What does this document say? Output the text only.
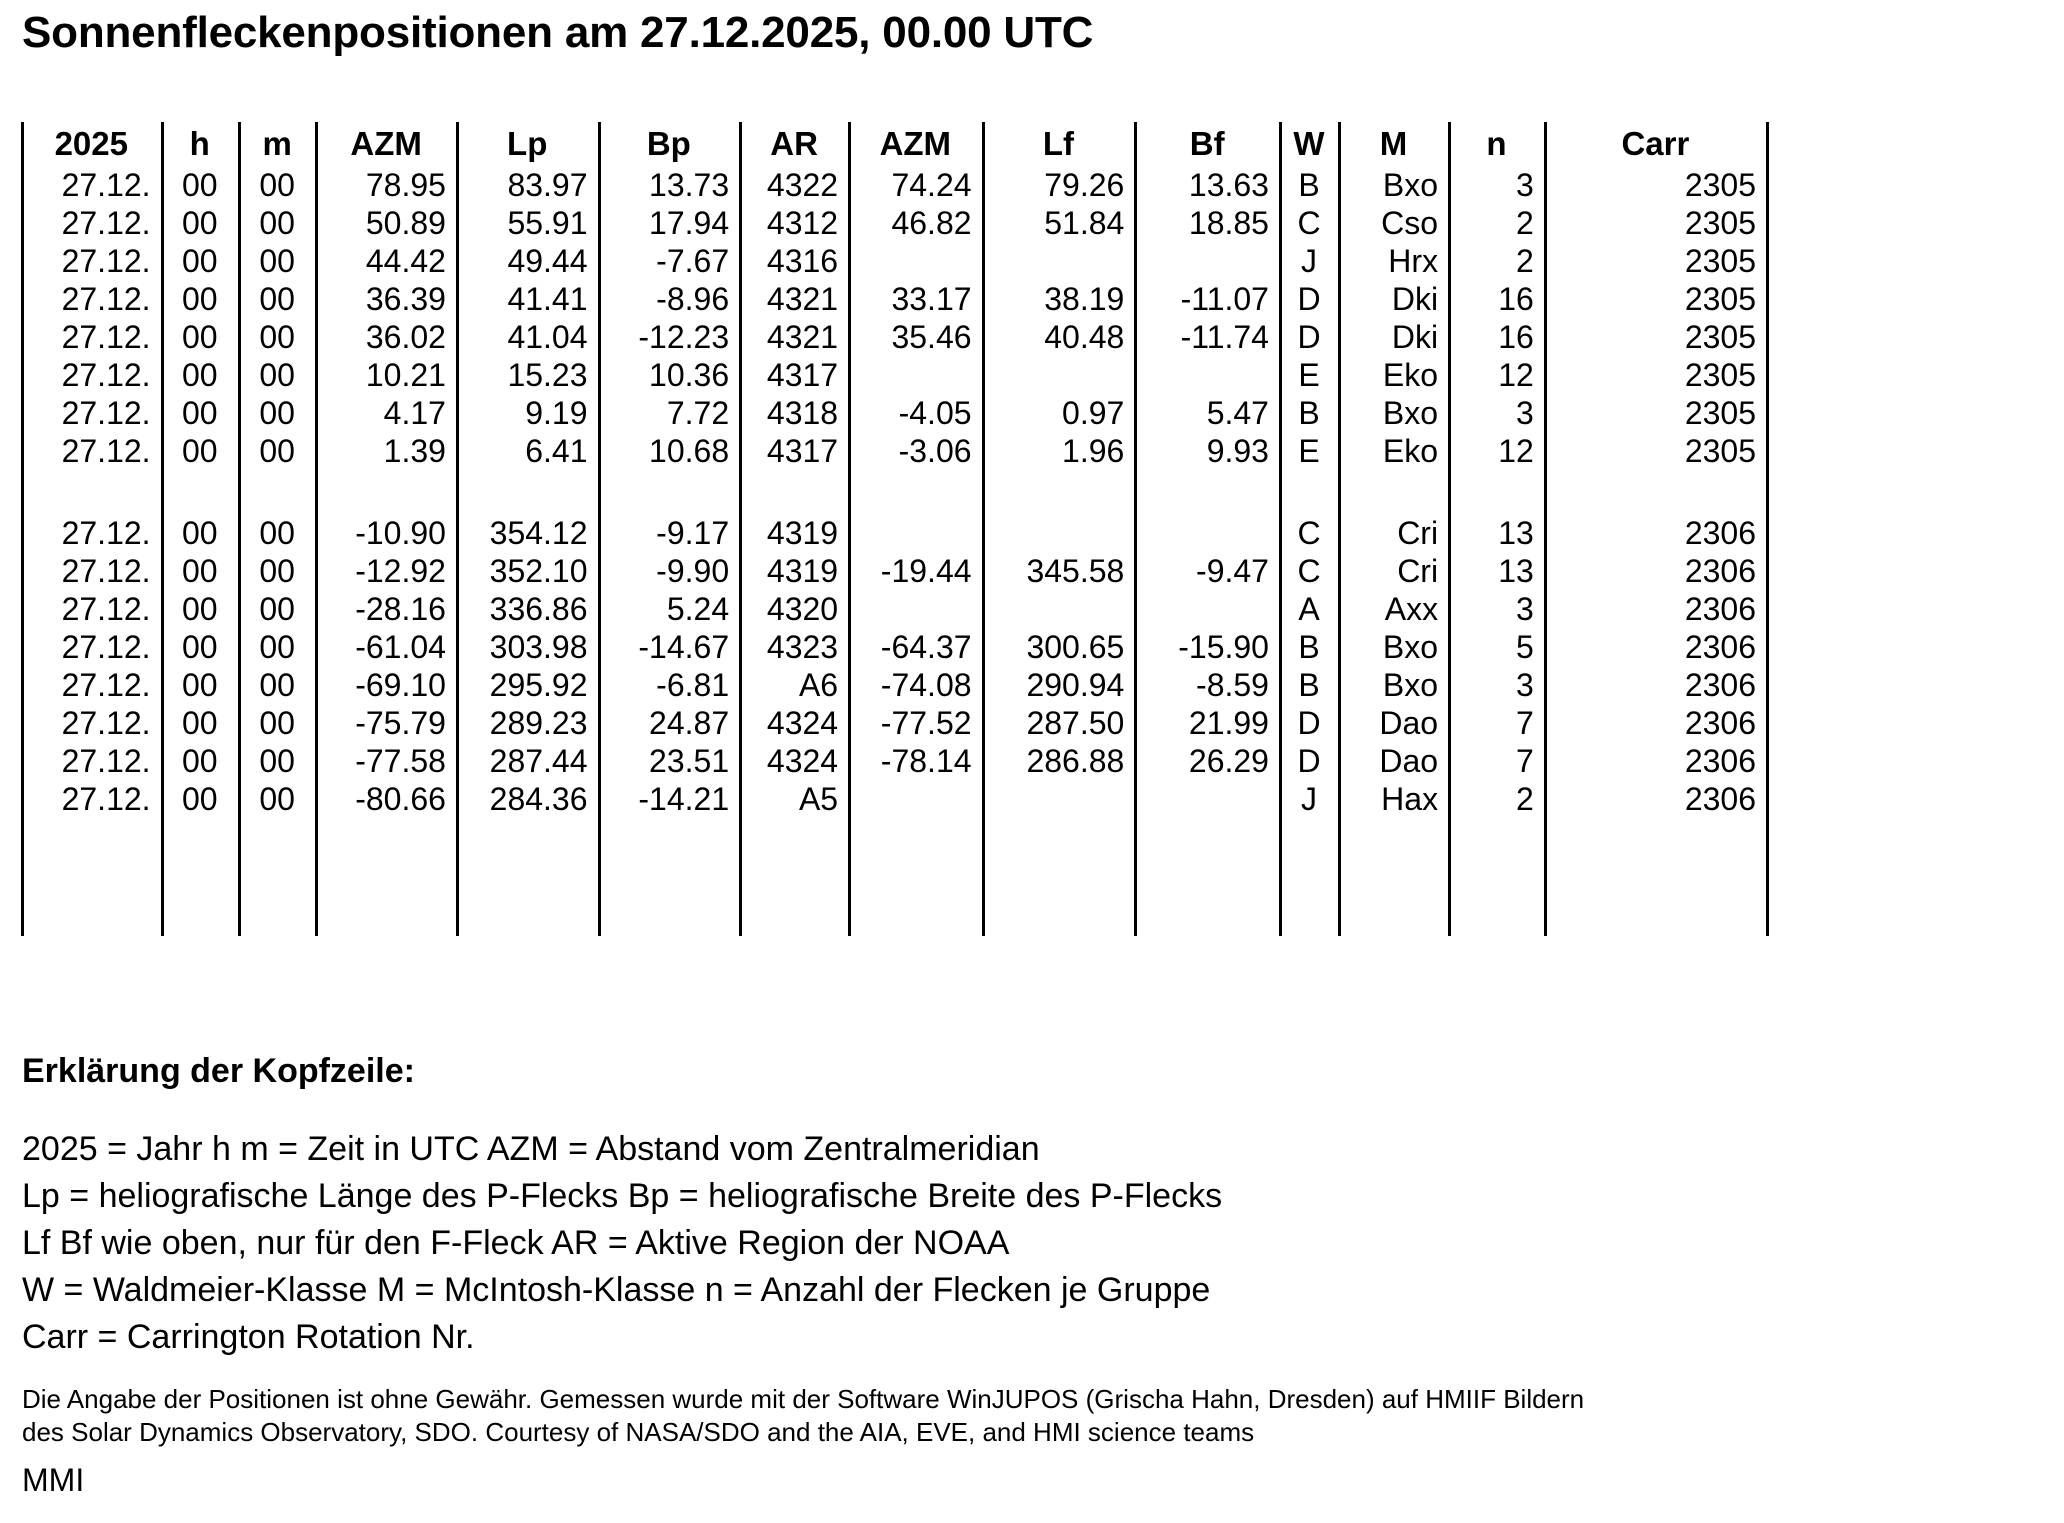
Sonnenfleckenpositionen am 27.12.2025, 00.00 UTC
2025	h	m	AZM	Lp	Bp	AR	AZM	Lf	Bf	W	M	n	Carr
27.12.	00	00	78.95	83.97	13.73	4322	74.24	79.26	13.63	B	Bxo	3	2305
27.12.	00	00	50.89	55.91	17.94	4312	46.82	51.84	18.85	C	Cso	2	2305
27.12.	00	00	44.42	49.44	-7.67	4316				J	Hrx	2	2305
27.12.	00	00	36.39	41.41	-8.96	4321	33.17	38.19	-11.07	D	Dki	16	2305
27.12.	00	00	36.02	41.04	-12.23	4321	35.46	40.48	-11.74	D	Dki	16	2305
27.12.	00	00	10.21	15.23	10.36	4317				E	Eko	12	2305
27.12.	00	00	4.17	9.19	7.72	4318	-4.05	0.97	5.47	B	Bxo	3	2305
27.12.	00	00	1.39	6.41	10.68	4317	-3.06	1.96	9.93	E	Eko	12	2305

27.12.	00	00	-10.90	354.12	-9.17	4319				C	Cri	13	2306
27.12.	00	00	-12.92	352.10	-9.90	4319	-19.44	345.58	-9.47	C	Cri	13	2306
27.12.	00	00	-28.16	336.86	5.24	4320				A	Axx	3	2306
27.12.	00	00	-61.04	303.98	-14.67	4323	-64.37	300.65	-15.90	B	Bxo	5	2306
27.12.	00	00	-69.10	295.92	-6.81	A6	-74.08	290.94	-8.59	B	Bxo	3	2306
27.12.	00	00	-75.79	289.23	24.87	4324	-77.52	287.50	21.99	D	Dao	7	2306
27.12.	00	00	-77.58	287.44	23.51	4324	-78.14	286.88	26.29	D	Dao	7	2306
27.12.	00	00	-80.66	284.36	-14.21	A5				J	Hax	2	2306

Erklärung der Kopfzeile:
2025 = Jahr h m = Zeit in UTC AZM = Abstand vom Zentralmeridian
Lp = heliografische Länge des P-Flecks Bp = heliografische Breite des P-Flecks
Lf Bf wie oben, nur für den F-Fleck AR = Aktive Region der NOAA
W = Waldmeier-Klasse M = McIntosh-Klasse n = Anzahl der Flecken je Gruppe
Carr = Carrington Rotation Nr.
Die Angabe der Positionen ist ohne Gewähr. Gemessen wurde mit der Software WinJUPOS (Grischa Hahn, Dresden) auf HMIIF Bildern
des Solar Dynamics Observatory, SDO. Courtesy of NASA/SDO and the AIA, EVE, and HMI science teams
MMI
